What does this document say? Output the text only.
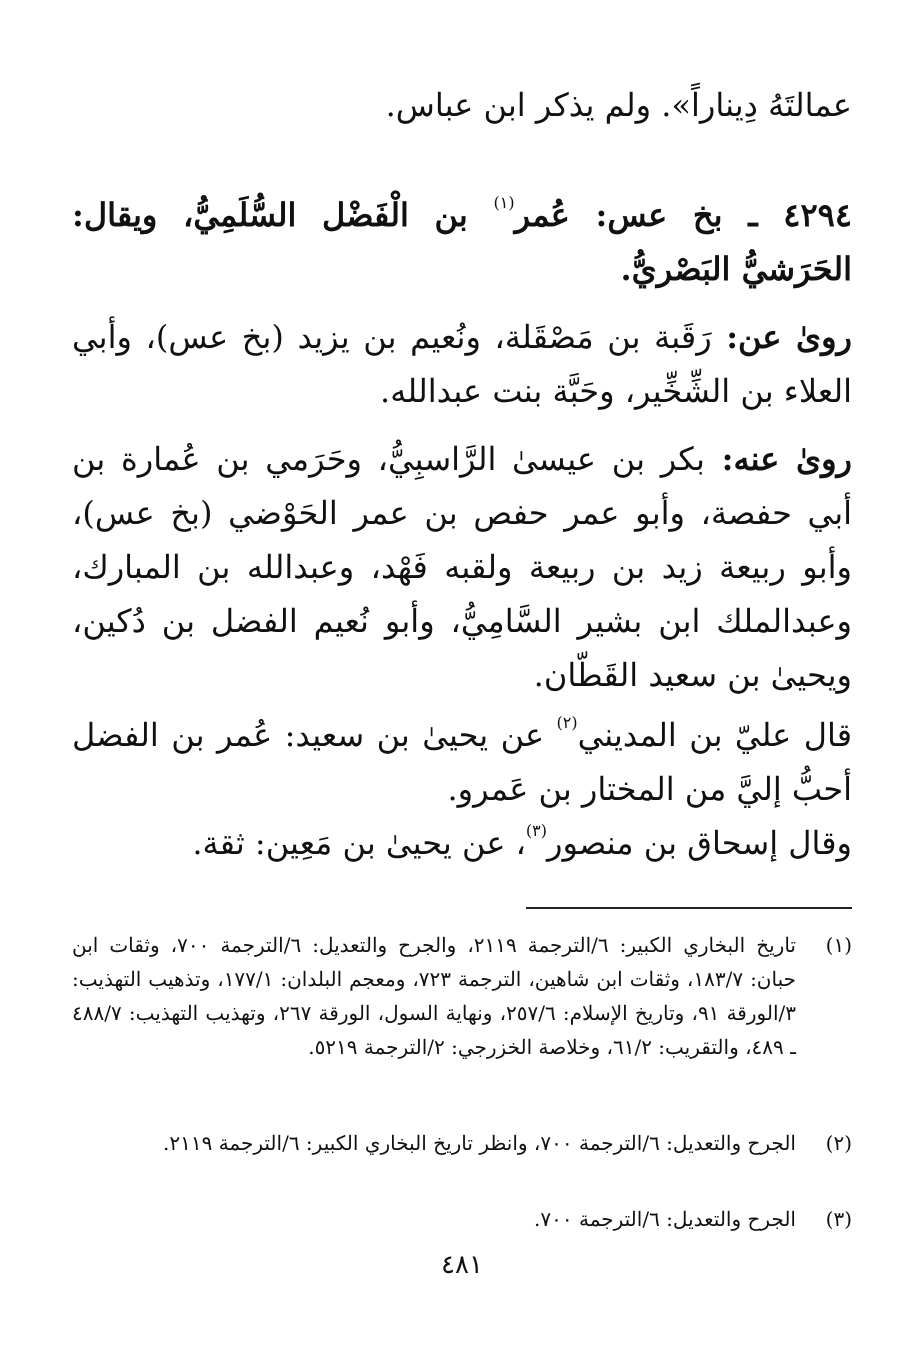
عمالتَهُ دِيناراً». ولم يذكر ابن عباس.
٤٢٩٤ ـ بخ عس: عُمر$^{(١)}$ بن الْفَضْل السُّلَمِيُّ، ويقال: الحَرَشيُّ البَصْريُّ.
روىٰ عن: رَقَبة بن مَصْقَلة، ونُعيم بن يزيد (بخ عس)، وأبي العلاء بن الشِّخِّير، وحَبَّة بنت عبدالله.
روىٰ عنه: بكر بن عيسىٰ الرَّاسبِيُّ، وحَرَمي بن عُمارة بن أبي حفصة، وأبو عمر حفص بن عمر الحَوْضي (بخ عس)، وأبو ربيعة زيد بن ربيعة ولقبه فَهْد، وعبدالله بن المبارك، وعبدالملك ابن بشير السَّامِيُّ، وأبو نُعيم الفضل بن دُكين، ويحيىٰ بن سعيد القَطّان.
قال عليّ بن المديني$^{(٢)}$ عن يحيىٰ بن سعيد: عُمر بن الفضل أحبُّ إليَّ من المختار بن عَمرو.
وقال إسحاق بن منصور$^{(٣)}$، عن يحيىٰ بن مَعِين: ثقة.
(١)
تاريخ البخاري الكبير: ٦/الترجمة ٢١١٩، والجرح والتعديل: ٦/الترجمة ٧٠٠، وثقات ابن حبان: ١٨٣/٧، وثقات ابن شاهين، الترجمة ٧٢٣، ومعجم البلدان: ١٧٧/١، وتذهيب التهذيب: ٣/الورقة ٩١، وتاريخ الإسلام: ٢٥٧/٦، ونهاية السول، الورقة ٢٦٧، وتهذيب التهذيب: ٤٨٨/٧ ـ ٤٨٩، والتقريب: ٦١/٢، وخلاصة الخزرجي: ٢/الترجمة ٥٢١٩.
(٢)
الجرح والتعديل: ٦/الترجمة ٧٠٠، وانظر تاريخ البخاري الكبير: ٦/الترجمة ٢١١٩.
(٣)
الجرح والتعديل: ٦/الترجمة ٧٠٠.
٤٨١
